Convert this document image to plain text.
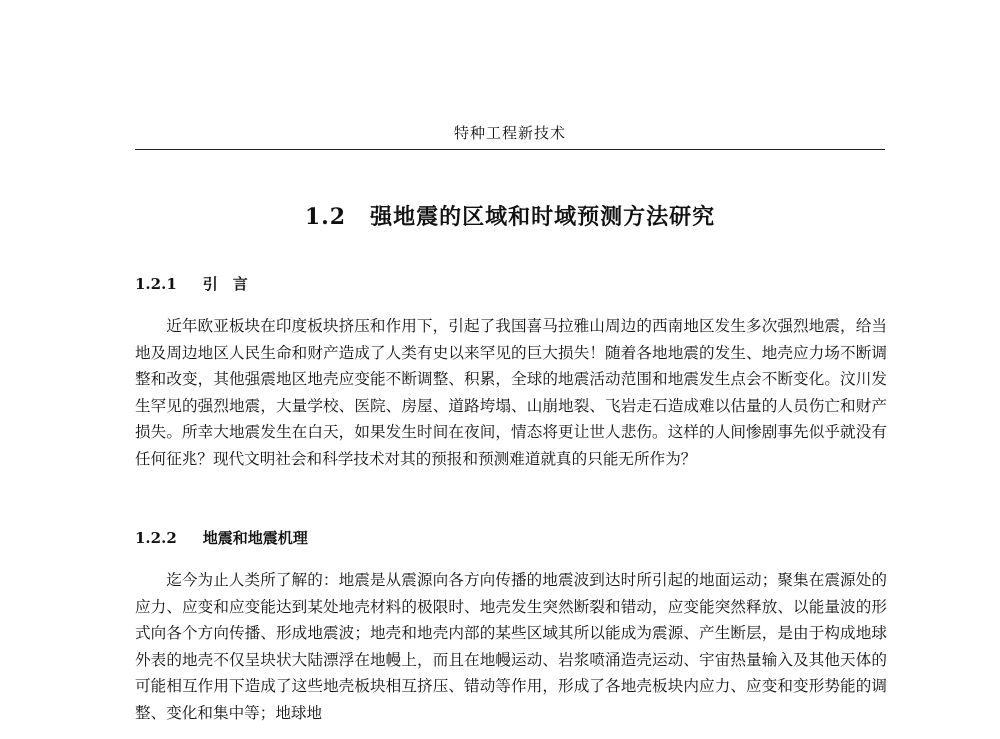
特种工程新技术
1.2 强地震的区域和时域预测方法研究
1.2.1 引　言

近年欧亚板块在印度板块挤压和作用下，引起了我国喜马拉雅山周边的西南地区发生多次强烈地震，给当地及周边地区人民生命和财产造成了人类有史以来罕见的巨大损失！随着各地地震的发生、地壳应力场不断调整和改变，其他强震地区地壳应变能不断调整、积累，全球的地震活动范围和地震发生点会不断变化。汶川发生罕见的强烈地震，大量学校、医院、房屋、道路垮塌、山崩地裂、飞岩走石造成难以估量的人员伤亡和财产损失。所幸大地震发生在白天，如果发生时间在夜间，情态将更让世人悲伤。这样的人间惨剧事先似乎就没有任何征兆？现代文明社会和科学技术对其的预报和预测难道就真的只能无所作为？

1.2.2 地震和地震机理

迄今为止人类所了解的：地震是从震源向各方向传播的地震波到达时所引起的地面运动；聚集在震源处的应力、应变和应变能达到某处地壳材料的极限时、地壳发生突然断裂和错动，应变能突然释放、以能量波的形式向各个方向传播、形成地震波；地壳和地壳内部的某些区域其所以能成为震源、产生断层，是由于构成地球外表的地壳不仅呈块状大陆漂浮在地幔上，而且在地幔运动、岩浆喷涌造壳运动、宇宙热量输入及其他天体的可能相互作用下造成了这些地壳板块相互挤压、错动等作用，形成了各地壳板块内应力、应变和变形势能的调整、变化和集中等；地球地
